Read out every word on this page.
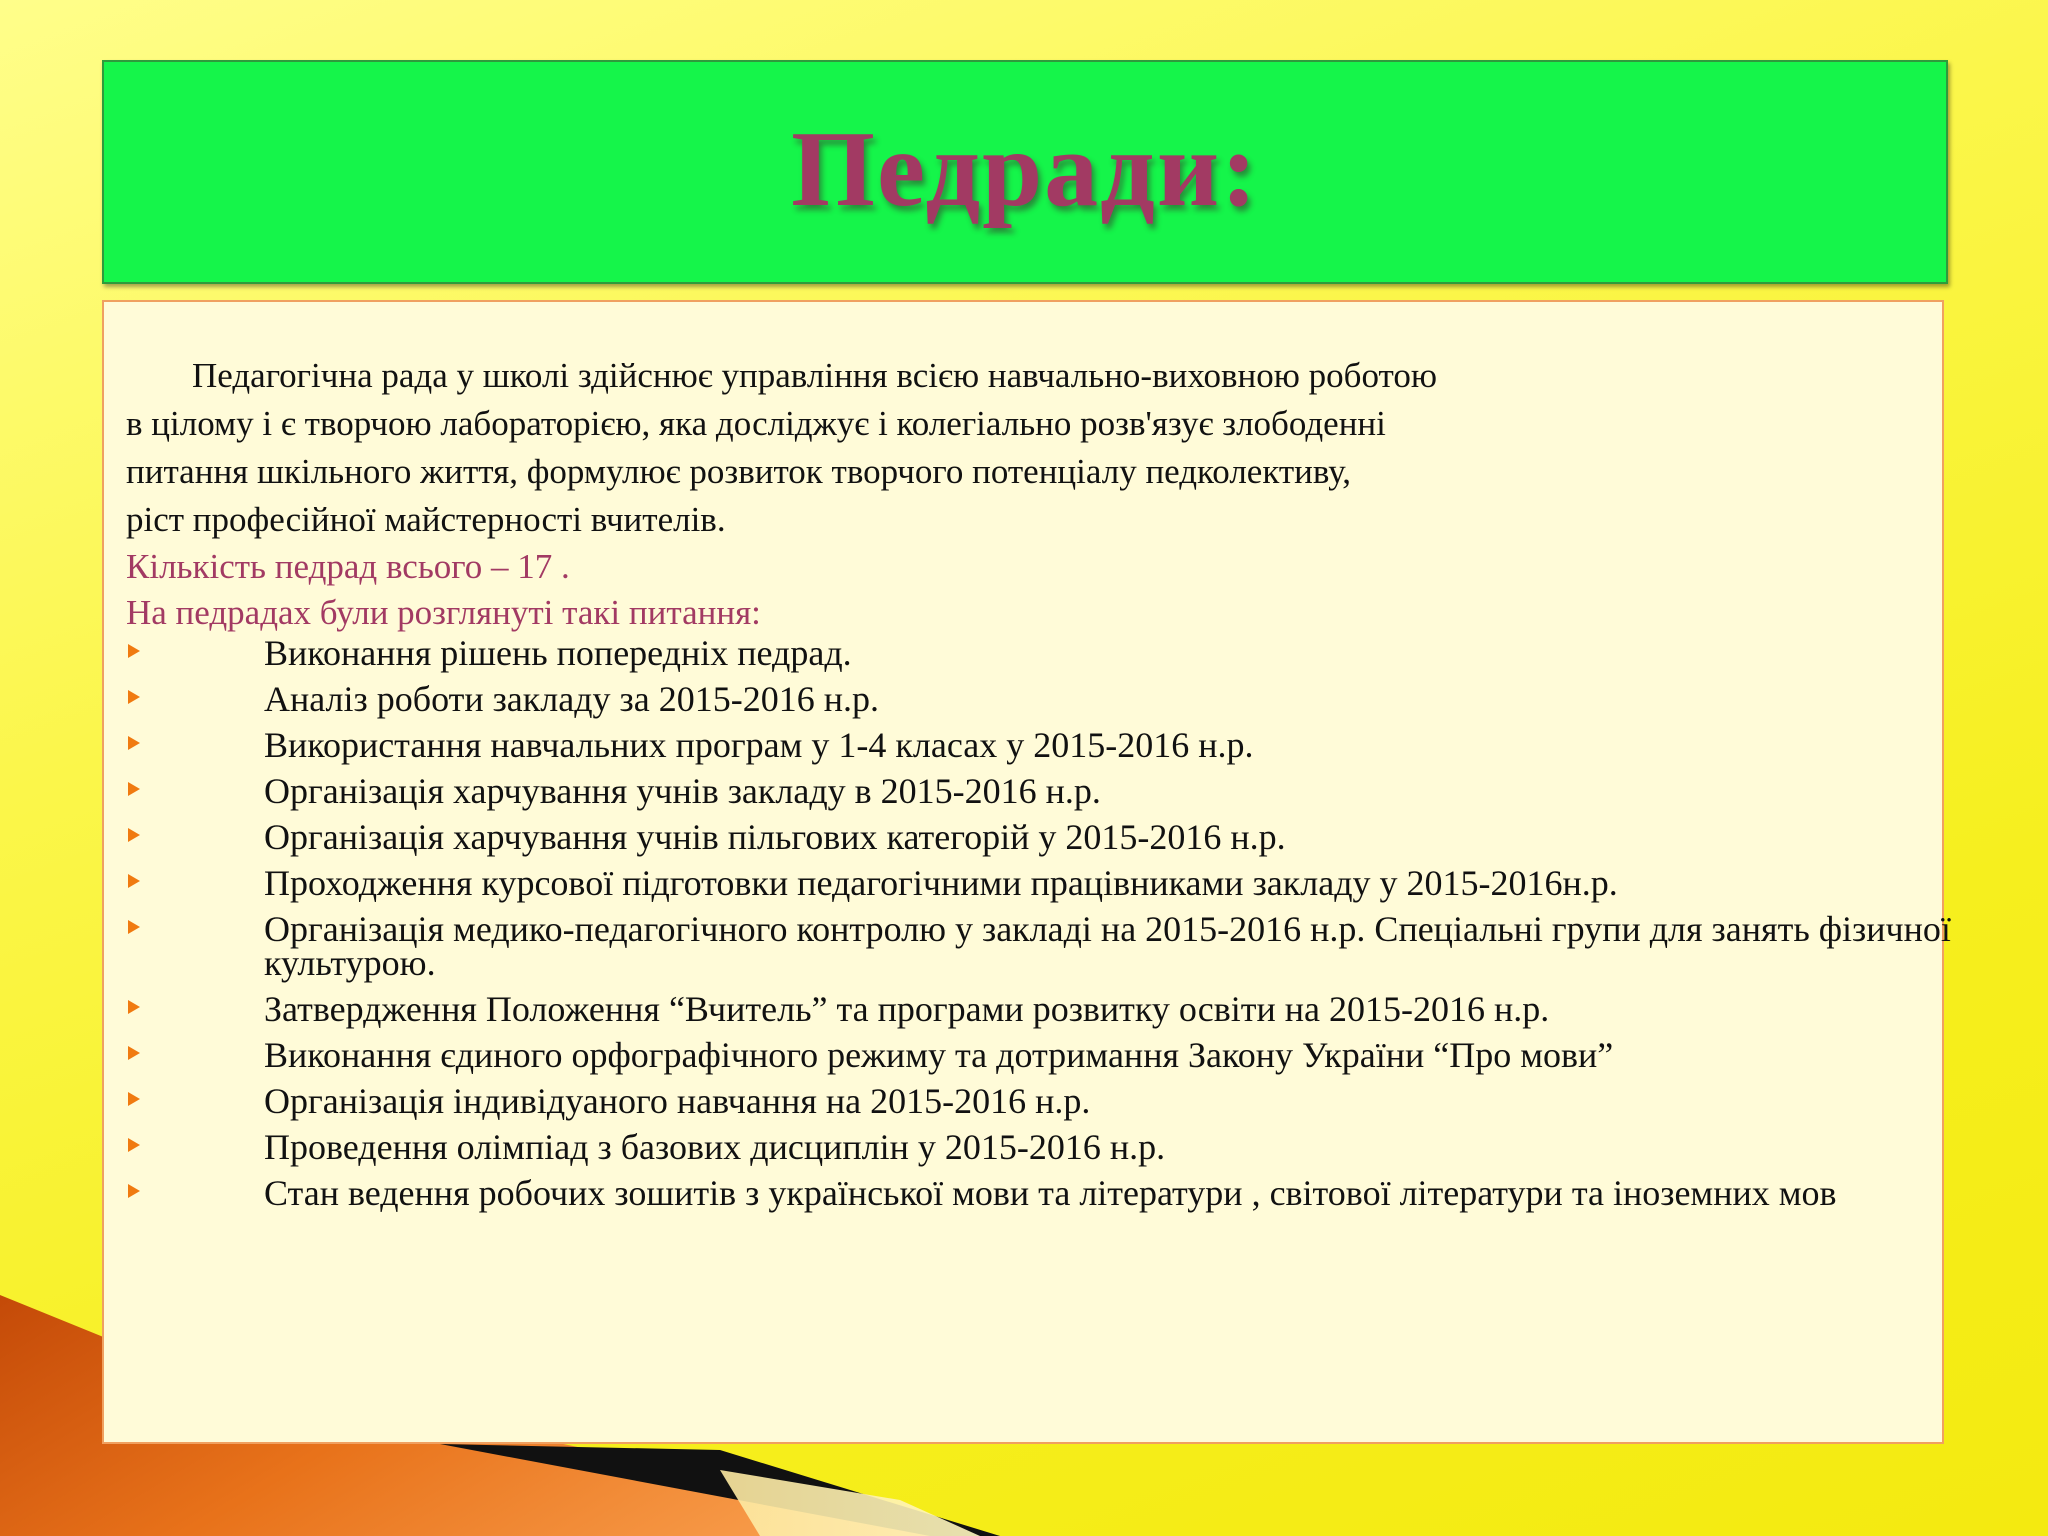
Педради:
Педагогічна рада у школі здійснює управління всією навчально-виховною роботою
в цілому і є творчою лабораторією, яка досліджує і колегіально розв'язує злободенні
питання шкільного життя, формулює розвиток творчого потенціалу педколективу,
ріст професійної майстерності вчителів.
Кількість педрад всього – 17 .
На педрадах були розглянуті такі питання:
Виконання рішень попередніх педрад.
Аналіз роботи закладу за 2015-2016 н.р.
Використання навчальних програм у 1-4 класах у 2015-2016 н.р.
Організація харчування учнів закладу в 2015-2016 н.р.
Організація харчування учнів пільгових категорій у 2015-2016 н.р.
Проходження курсової підготовки педагогічними працівниками закладу у 2015-2016н.р.
Організація медико-педагогічного контролю у закладі на 2015-2016 н.р. Спеціальні групи для занять фізичної культурою.
Затвердження Положення “Вчитель” та програми розвитку освіти на 2015-2016 н.р.
Виконання єдиного орфографічного режиму та дотримання Закону України “Про мови”
Організація індивідуаного навчання на 2015-2016 н.р.
Проведення олімпіад з базових дисциплін у 2015-2016 н.р.
Стан ведення робочих зошитів з української мови та літератури , світової літератури та іноземних мов
